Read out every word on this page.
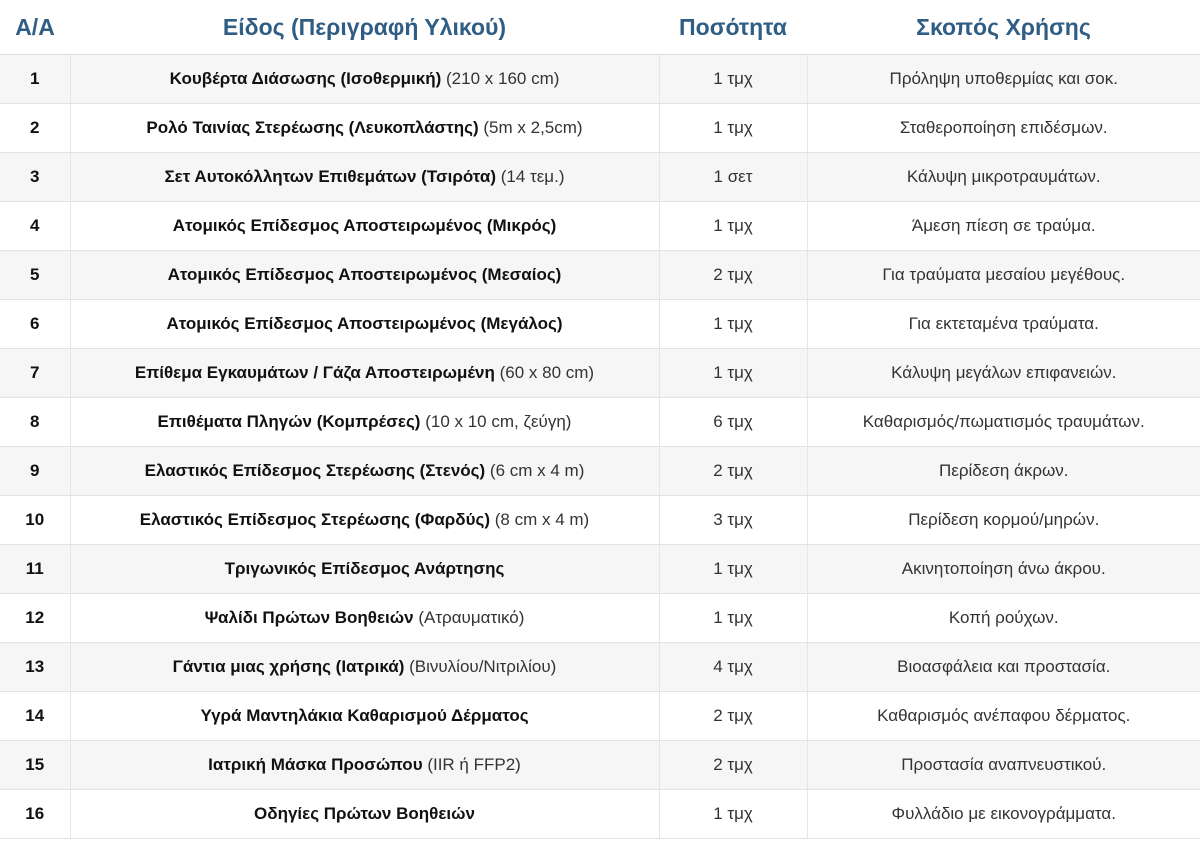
Α/Α	Είδος (Περιγραφή Υλικού)	Ποσότητα	Σκοπός Χρήσης
1	Κουβέρτα Διάσωσης (Ισοθερμική) (210 x 160 cm)	1 τμχ	Πρόληψη υποθερμίας και σοκ.
2	Ρολό Ταινίας Στερέωσης (Λευκοπλάστης) (5m x 2,5cm)	1 τμχ	Σταθεροποίηση επιδέσμων.
3	Σετ Αυτοκόλλητων Επιθεμάτων (Τσιρότα) (14 τεμ.)	1 σετ	Κάλυψη μικροτραυμάτων.
4	Ατομικός Επίδεσμος Αποστειρωμένος (Μικρός)	1 τμχ	Άμεση πίεση σε τραύμα.
5	Ατομικός Επίδεσμος Αποστειρωμένος (Μεσαίος)	2 τμχ	Για τραύματα μεσαίου μεγέθους.
6	Ατομικός Επίδεσμος Αποστειρωμένος (Μεγάλος)	1 τμχ	Για εκτεταμένα τραύματα.
7	Επίθεμα Εγκαυμάτων / Γάζα Αποστειρωμένη (60 x 80 cm)	1 τμχ	Κάλυψη μεγάλων επιφανειών.
8	Επιθέματα Πληγών (Κομπρέσες) (10 x 10 cm, ζεύγη)	6 τμχ	Καθαρισμός/πωματισμός τραυμάτων.
9	Ελαστικός Επίδεσμος Στερέωσης (Στενός) (6 cm x 4 m)	2 τμχ	Περίδεση άκρων.
10	Ελαστικός Επίδεσμος Στερέωσης (Φαρδύς) (8 cm x 4 m)	3 τμχ	Περίδεση κορμού/μηρών.
11	Τριγωνικός Επίδεσμος Ανάρτησης	1 τμχ	Ακινητοποίηση άνω άκρου.
12	Ψαλίδι Πρώτων Βοηθειών (Ατραυματικό)	1 τμχ	Κοπή ρούχων.
13	Γάντια μιας χρήσης (Ιατρικά) (Βινυλίου/Νιτριλίου)	4 τμχ	Βιοασφάλεια και προστασία.
14	Υγρά Μαντηλάκια Καθαρισμού Δέρματος	2 τμχ	Καθαρισμός ανέπαφου δέρματος.
15	Ιατρική Μάσκα Προσώπου (IIR ή FFP2)	2 τμχ	Προστασία αναπνευστικού.
16	Οδηγίες Πρώτων Βοηθειών	1 τμχ	Φυλλάδιο με εικονογράμματα.
